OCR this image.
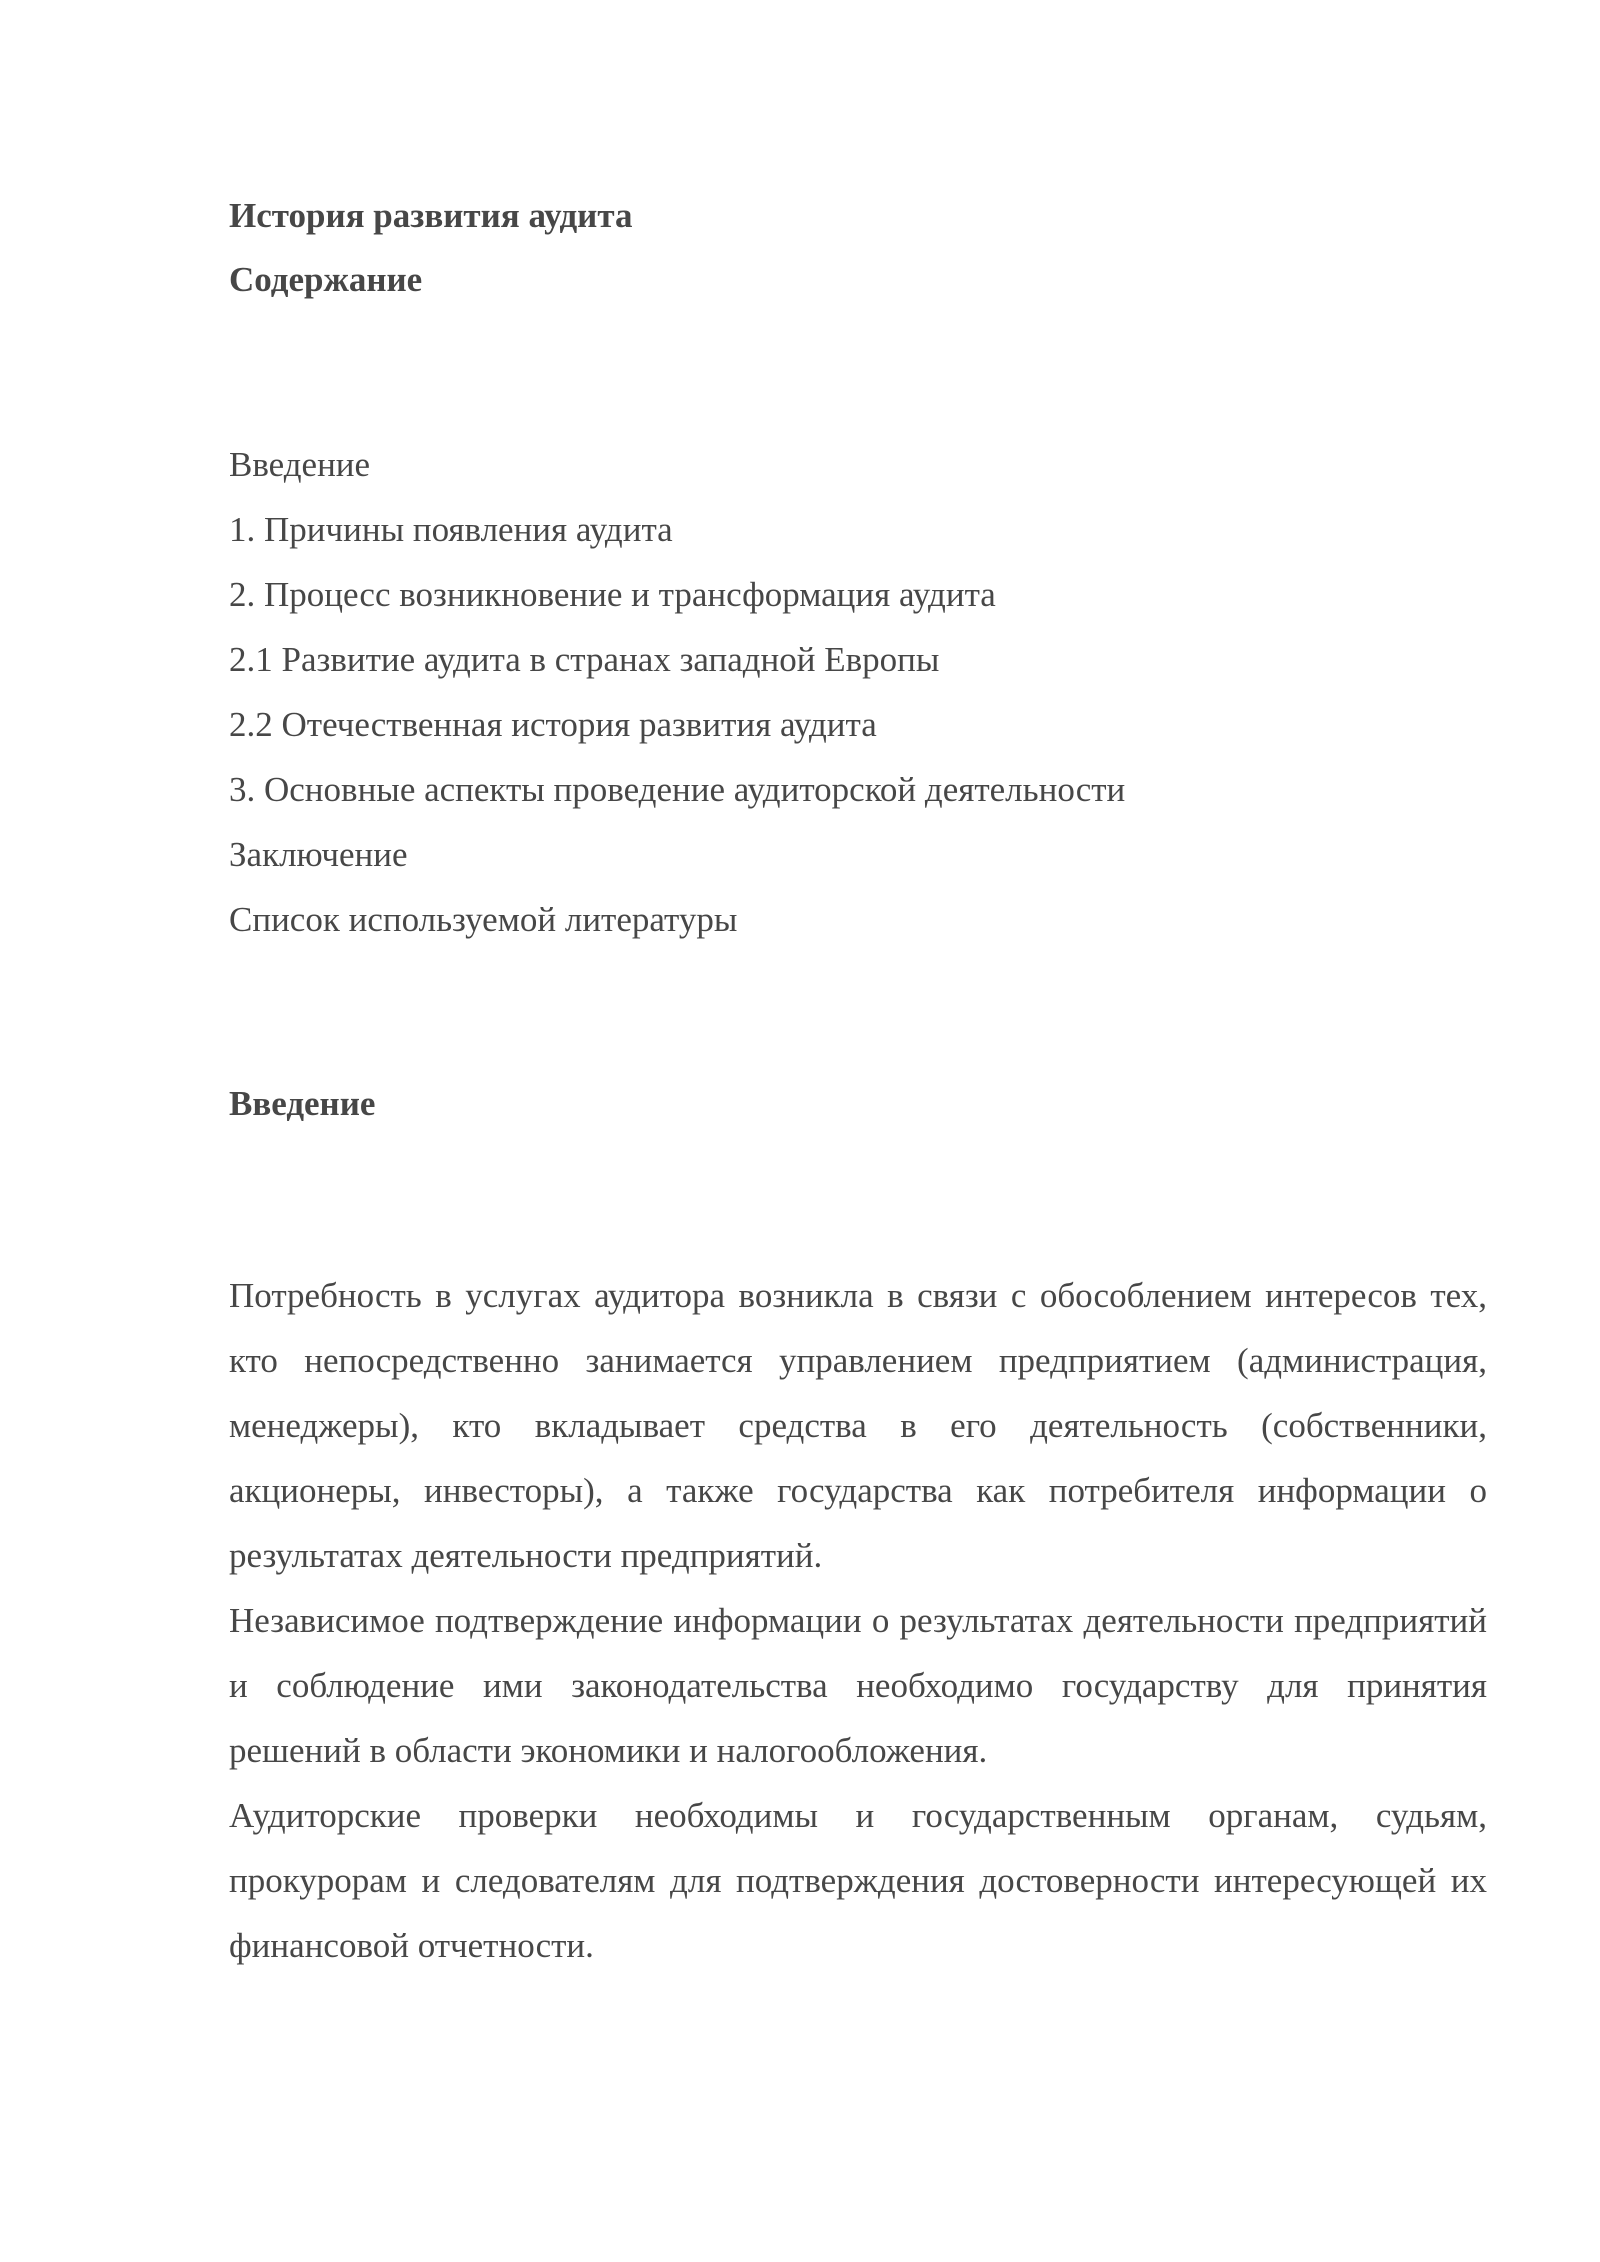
История развития аудита
Содержание
Введение
1. Причины появления аудита
2. Процесс возникновение и трансформация аудита
2.1 Развитие аудита в странах западной Европы
2.2 Отечественная история развития аудита
3. Основные аспекты проведение аудиторской деятельности
Заключение
Список используемой литературы
Введение

Потребность в услугах аудитора возникла в связи с обособлением интересов тех, кто непосредственно занимается управлением предприятием (администрация, менеджеры), кто вкладывает средства в его деятельность (собственники, акционеры, инвесторы), а также государства как потребителя информации о результатах деятельности предприятий.

Независимое подтверждение информации о результатах деятельности предприятий и соблюдение ими законодательства необходимо государству для принятия решений в области экономики и налогообложения.

Аудиторские проверки необходимы и государственным органам, судьям, прокурорам и следователям для подтверждения достоверности интересующей их финансовой отчетности.
